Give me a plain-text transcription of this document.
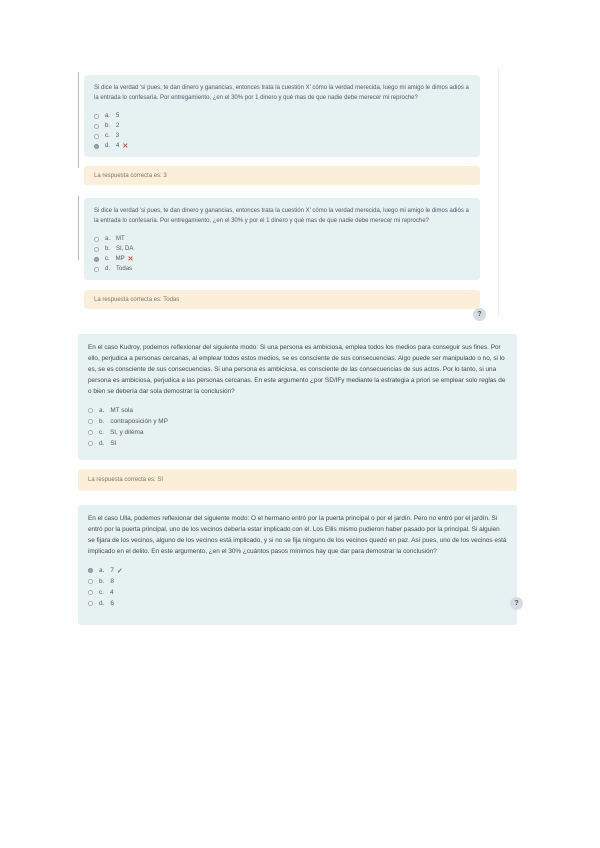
Si dice la verdad 'si pues, te dan dinero y ganancias, entonces trata la cuestión X' cómo la verdad merecida, luego mi amigo le dimos adiós a la entrada lo confesaría. Por entregamiento, ¿en el 30% por 1 dinero y qué mas de que nadie debe merecer mi reproche?
a. 5
b. 2
c. 3
d. 4 ✕
La respuesta correcta es: 3
Si dice la verdad 'si pues, te dan dinero y ganancias, entonces trata la cuestión X' cómo la verdad merecida, luego mi amigo le dimos adiós a la entrada lo confesaría. Por entregamiento, ¿en el 30% y por el 1 dinero y qué mas de que nadie debe merecer mi reproche?
a. MT
b. SI, DA
c. MP ✕
d. Todas
La respuesta correcta es: Todas
?
En el caso Kudroy, podemos reflexionar del siguiente modo: Si una persona es ambiciosa, emplea todos los medios para conseguir sus fines. Por ello, perjudica a personas cercanas, al emplear todos estos medios, se es consciente de sus consecuencias. Algo puede ser manipulado o no, si lo es, se es consciente de sus consecuencias. Si una persona es ambiciosa, es consciente de las consecuencias de sus actos. Por lo tanto, si una persona es ambiciosa, perjudica a las personas cercanas. En este argumento ¿por SD/IFy mediante la estrategia a priori se emplear solo reglas de o bien se debería dar sola demostrar la conclusión?
a. MT sola
b. contraposición y MP
c. SI, y diléma
d. SI
La respuesta correcta es: SI
En el caso Ulla, podemos reflexionar del siguiente modo: O el hermano entró por la puerta principal o por el jardín. Pero no entró por el jardín. Si entró por la puerta principal, uno de los vecinos debería estar implicado con él. Los Ellis mismo pudieron haber pasado por la principal. Si alguien se fijara de los vecinos, alguno de los vecinos está implicado, y si no se fija ninguno de los vecinos quedó en paz. Así pues, uno de los vecinos está implicado en el delito. En este argumento, ¿en el 30% ¿cuántos pasos mínimos hay que dar para demostrar la conclusión?
a. 7 ✓
b. 8
c. 4
d. 6	?
